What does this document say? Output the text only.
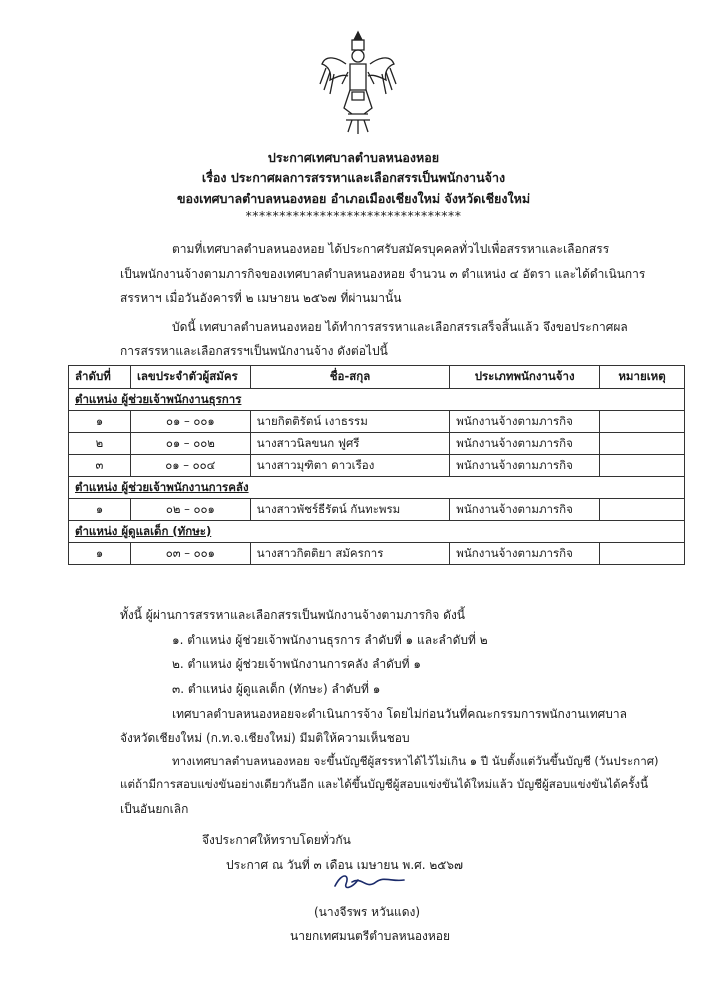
ประกาศเทศบาลตำบลหนองหอย
เรื่อง ประกาศผลการสรรหาและเลือกสรรเป็นพนักงานจ้าง
ของเทศบาลตำบลหนองหอย อำเภอเมืองเชียงใหม่ จังหวัดเชียงใหม่
********************************
ตามที่เทศบาลตำบลหนองหอย ได้ประกาศรับสมัครบุคคลทั่วไปเพื่อสรรหาและเลือกสรร
เป็นพนักงานจ้างตามภารกิจของเทศบาลตำบลหนองหอย จำนวน ๓ ตำแหน่ง ๔ อัตรา และได้ดำเนินการ
สรรหาฯ เมื่อวันอังคารที่ ๒ เมษายน ๒๕๖๗ ที่ผ่านมานั้น
บัดนี้ เทศบาลตำบลหนองหอย ได้ทำการสรรหาและเลือกสรรเสร็จสิ้นแล้ว จึงขอประกาศผล
การสรรหาและเลือกสรรฯเป็นพนักงานจ้าง ดังต่อไปนี้
ลำดับที่	เลขประจำตัวผู้สมัคร	ชื่อ-สกุล	ประเภทพนักงานจ้าง	หมายเหตุ
ตำแหน่ง ผู้ช่วยเจ้าพนักงานธุรการ				
๑	๐๑ – ๐๐๑	นายกิตติรัตน์ เงาธรรม	พนักงานจ้างตามภารกิจ	
๒	๐๑ – ๐๐๒	นางสาวนิลขนก ฟูศรี	พนักงานจ้างตามภารกิจ	
๓	๐๑ – ๐๐๔	นางสาวมุฑิตา ดาวเรือง	พนักงานจ้างตามภารกิจ	
ตำแหน่ง ผู้ช่วยเจ้าพนักงานการคลัง				
๑	๐๒ – ๐๐๑	นางสาวพัชร์ธีรัตน์ กันทะพรม	พนักงานจ้างตามภารกิจ	
ตำแหน่ง ผู้ดูแลเด็ก (ทักษะ)				
๑	๐๓ – ๐๐๑	นางสาวกิตติยา สมัครการ	พนักงานจ้างตามภารกิจ	
ทั้งนี้ ผู้ผ่านการสรรหาและเลือกสรรเป็นพนักงานจ้างตามภารกิจ ดังนี้
๑. ตำแหน่ง ผู้ช่วยเจ้าพนักงานธุรการ ลำดับที่ ๑ และลำดับที่ ๒
๒. ตำแหน่ง ผู้ช่วยเจ้าพนักงานการคลัง ลำดับที่ ๑
๓. ตำแหน่ง ผู้ดูแลเด็ก (ทักษะ) ลำดับที่ ๑
เทศบาลตำบลหนองหอยจะดำเนินการจ้าง โดยไม่ก่อนวันที่คณะกรรมการพนักงานเทศบาล
จังหวัดเชียงใหม่ (ก.ท.จ.เชียงใหม่) มีมติให้ความเห็นชอบ
ทางเทศบาลตำบลหนองหอย จะขึ้นบัญชีผู้สรรหาได้ไว้ไม่เกิน ๑ ปี นับตั้งแต่วันขึ้นบัญชี (วันประกาศ)
แต่ถ้ามีการสอบแข่งขันอย่างเดียวกันอีก และได้ขึ้นบัญชีผู้สอบแข่งขันได้ใหม่แล้ว บัญชีผู้สอบแข่งขันได้ครั้งนี้
เป็นอันยกเลิก
จึงประกาศให้ทราบโดยทั่วกัน
ประกาศ ณ วันที่ ๓ เดือน เมษายน พ.ศ. ๒๕๖๗
(นางจีรพร หวันแดง)
นายกเทศมนตรีตำบลหนองหอย
